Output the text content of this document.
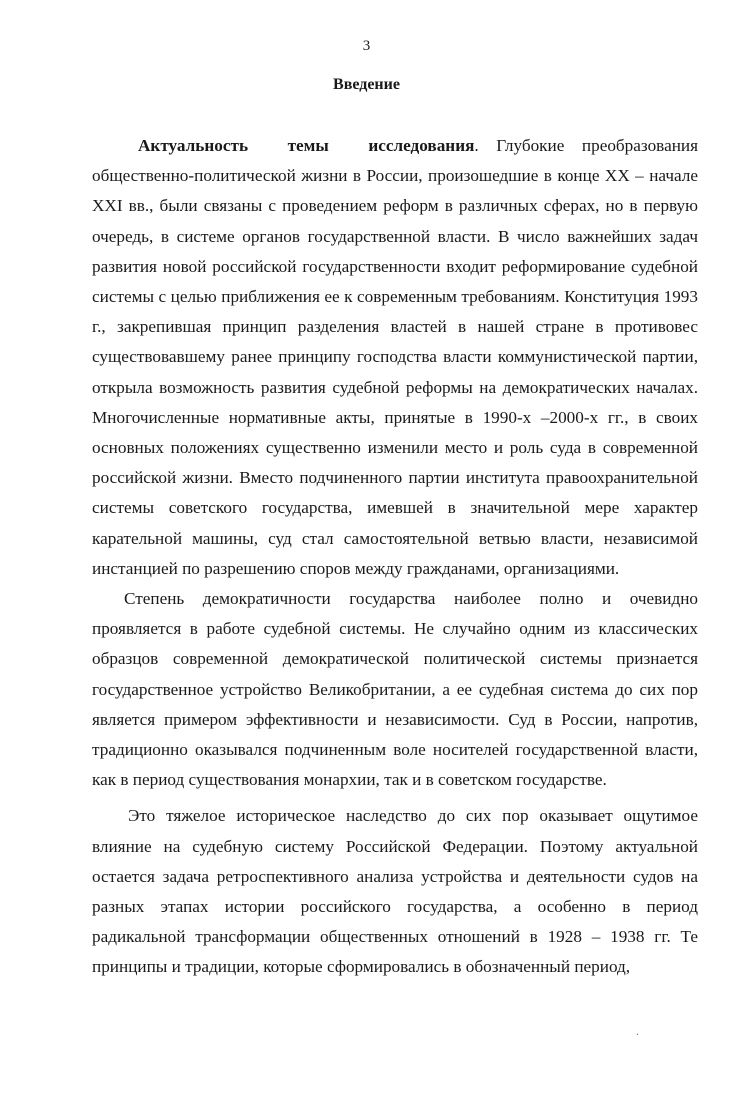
3
Введение

Актуальность темы исследования. Глубокие преобразования общественно-политической жизни в России, произошедшие в конце XX – начале XXI вв., были связаны с проведением реформ в различных сферах, но в первую очередь, в системе органов государственной власти. В число важнейших задач развития новой российской государственности входит реформирование судебной системы с целью приближения ее к современным требованиям. Конституция 1993 г., закрепившая принцип разделения властей в нашей стране в противовес существовавшему ранее принципу господства власти коммунистической партии, открыла возможность развития судебной реформы на демократических началах. Многочисленные нормативные акты, принятые в 1990-х –2000-х гг., в своих основных положениях существенно изменили место и роль суда в современной российской жизни. Вместо подчиненного партии института правоохранительной системы советского государства, имевшей в значительной мере характер карательной машины, суд стал самостоятельной ветвью власти, независимой инстанцией по разрешению споров между гражданами, организациями.

Степень демократичности государства наиболее полно и очевидно проявляется в работе судебной системы. Не случайно одним из классических образцов современной демократической политической системы признается государственное устройство Великобритании, а ее судебная система до сих пор является примером эффективности и независимости. Суд в России, напротив, традиционно оказывался подчиненным воле носителей государственной власти, как в период существования монархии, так и в советском государстве.

Это тяжелое историческое наследство до сих пор оказывает ощутимое влияние на судебную систему Российской Федерации. Поэтому актуальной остается задача ретроспективного анализа устройства и деятельности судов на разных этапах истории российского государства, а особенно в период радикальной трансформации общественных отношений в 1928 – 1938 гг. Те принципы и традиции, которые сформировались в обозначенный период,

.
